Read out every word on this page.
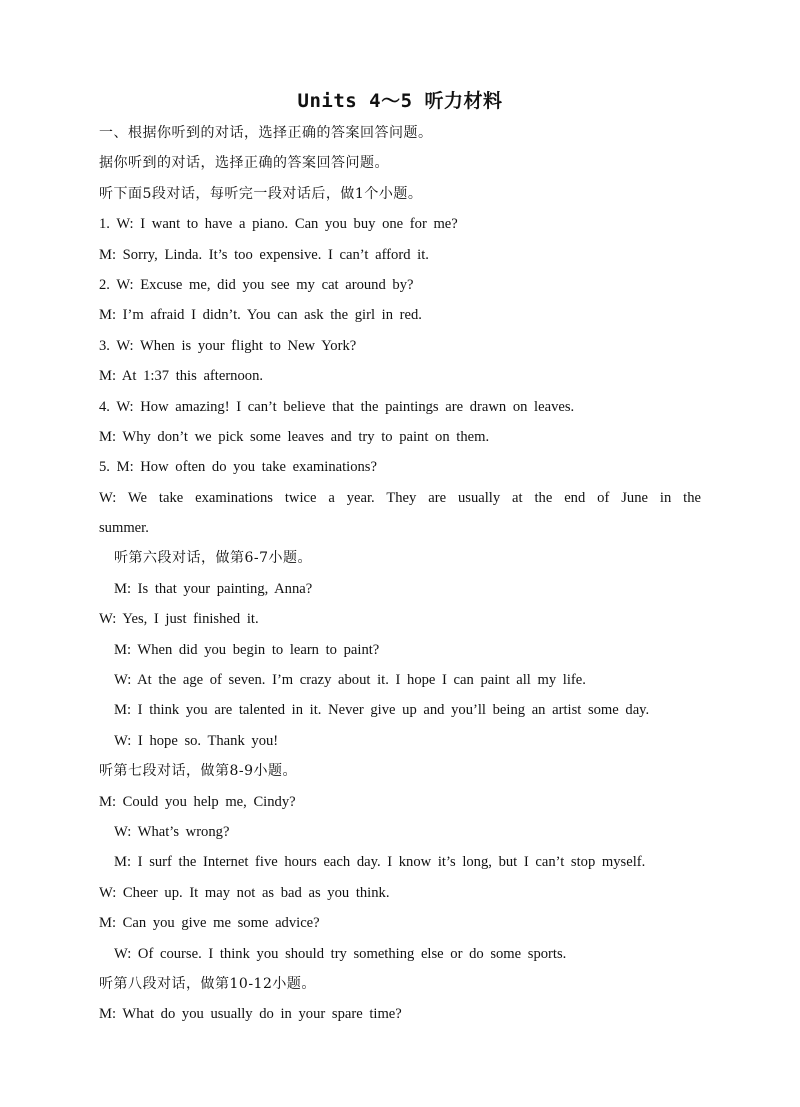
Units 4～5 听力材料
一、根据你听到的对话，选择正确的答案回答问题。
据你听到的对话，选择正确的答案回答问题。
听下面5段对话，每听完一段对话后，做1个小题。
1. W: I want to have a piano. Can you buy one for me?
M: Sorry, Linda. It’s too expensive. I can’t afford it.
2. W: Excuse me, did you see my cat around by?
M: I’m afraid I didn’t. You can ask the girl in red.
3. W: When is your flight to New York?
M: At 1:37 this afternoon.
4. W: How amazing! I can’t believe that the paintings are drawn on leaves.
M: Why don’t we pick some leaves and try to paint on them.
5. M: How often do you take examinations?
W: We take examinations twice a year. They are usually at the end of June in the
summer.
听第六段对话，做第6-7小题。
M: Is that your painting, Anna?
W: Yes, I just finished it.
M: When did you begin to learn to paint?
W: At the age of seven. I’m crazy about it. I hope I can paint all my life.
M: I think you are talented in it. Never give up and you’ll being an artist some day.
W: I hope so. Thank you!
听第七段对话，做第8-9小题。
M: Could you help me, Cindy?
W: What’s wrong?
M: I surf the Internet five hours each day. I know it’s long, but I can’t stop myself.
W: Cheer up. It may not as bad as you think.
M: Can you give me some advice?
W: Of course. I think you should try something else or do some sports.
听第八段对话，做第10-12小题。
M: What do you usually do in your spare time?
